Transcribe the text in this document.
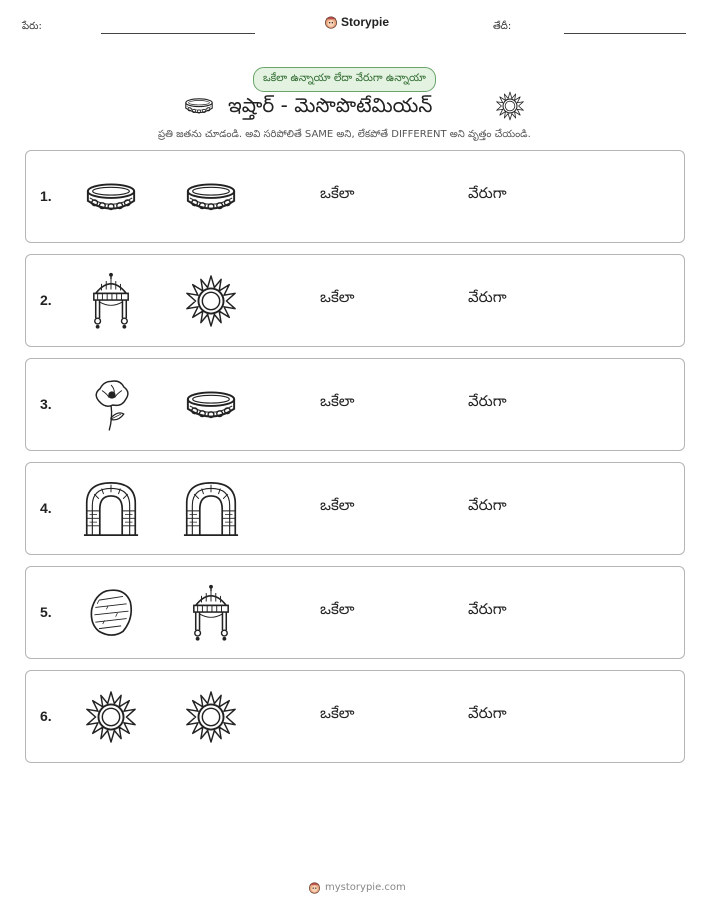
పేరు:	Storypie	తేదీ:
ఒకేలా ఉన్నాయా లేదా వేరుగా ఉన్నాయా
ఇష్తార్ - మెసొపొటేమియన్
ప్రతి జతను చూడండి. అవి సరిపోలితే SAME అని, లేకపోతే DIFFERENT అని వృత్తం చేయండి.
1.	ఒకేలా	వేరుగా
2.	ఒకేలా	వేరుగా
3.	ఒకేలా	వేరుగా
4.	ఒకేలా	వేరుగా
5.	ఒకేలా	వేరుగా
6.	ఒకేలా	వేరుగా
mystorypie.com
